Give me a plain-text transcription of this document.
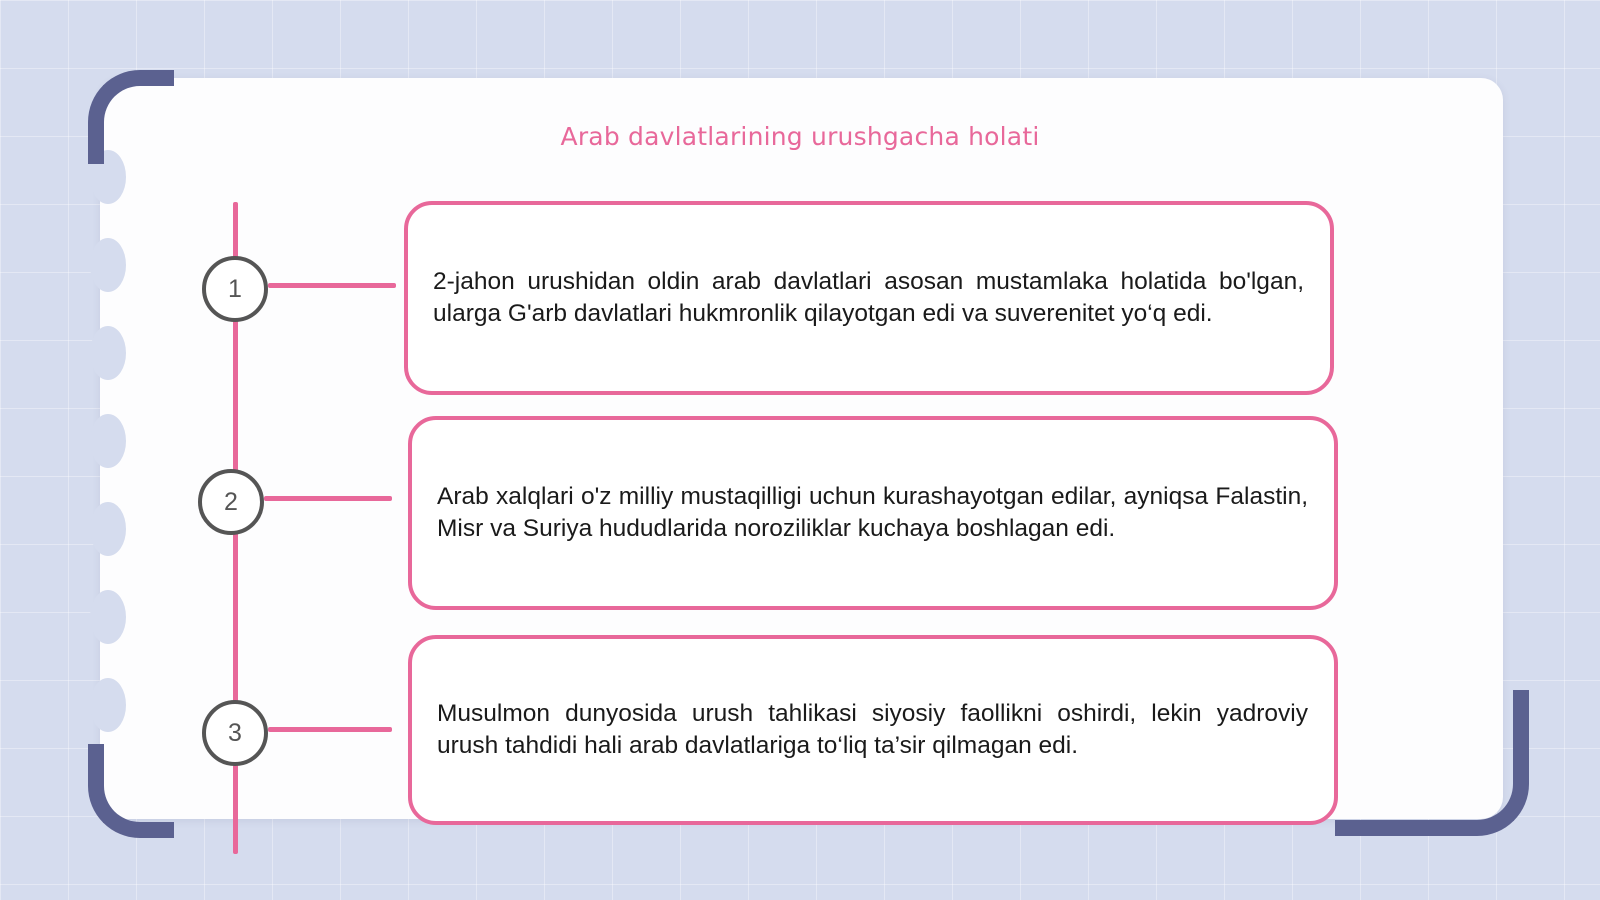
Arab davlatlarining urushgacha holati
1	2-jahon urushidan oldin arab davlatlari asosan mustamlaka holatida bo'lgan, ularga G'arb davlatlari hukmronlik qilayotgan edi va suverenitet yo‘q edi.
2	Arab xalqlari o'z milliy mustaqilligi uchun kurashayotgan edilar, ayniqsa Falastin, Misr va Suriya hududlarida noroziliklar kuchaya boshlagan edi.
3
Musulmon dunyosida urush tahlikasi siyosiy faollikni oshirdi, lekin yadroviy urush tahdidi hali arab davlatlariga to‘liq ta’sir qilmagan edi.
